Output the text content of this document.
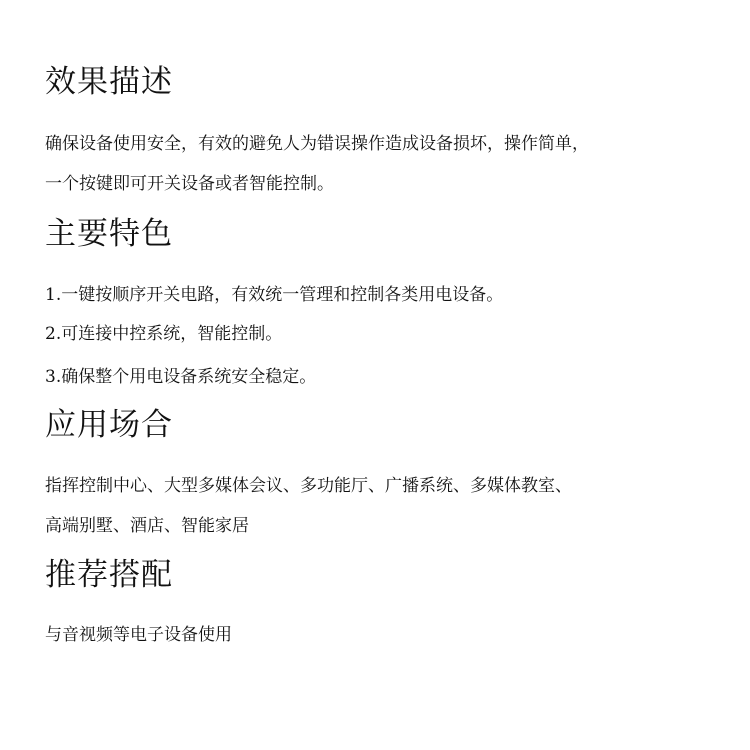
效果描述

确保设备使用安全，有效的避免人为错误操作造成设备损坏，操作简单，

一个按键即可开关设备或者智能控制。

主要特色

1.一键按顺序开关电路，有效统一管理和控制各类用电设备。

2.可连接中控系统，智能控制。

3.确保整个用电设备系统安全稳定。

应用场合

指挥控制中心、大型多媒体会议、多功能厅、广播系统、多媒体教室、

高端别墅、酒店、智能家居

推荐搭配

与音视频等电子设备使用
